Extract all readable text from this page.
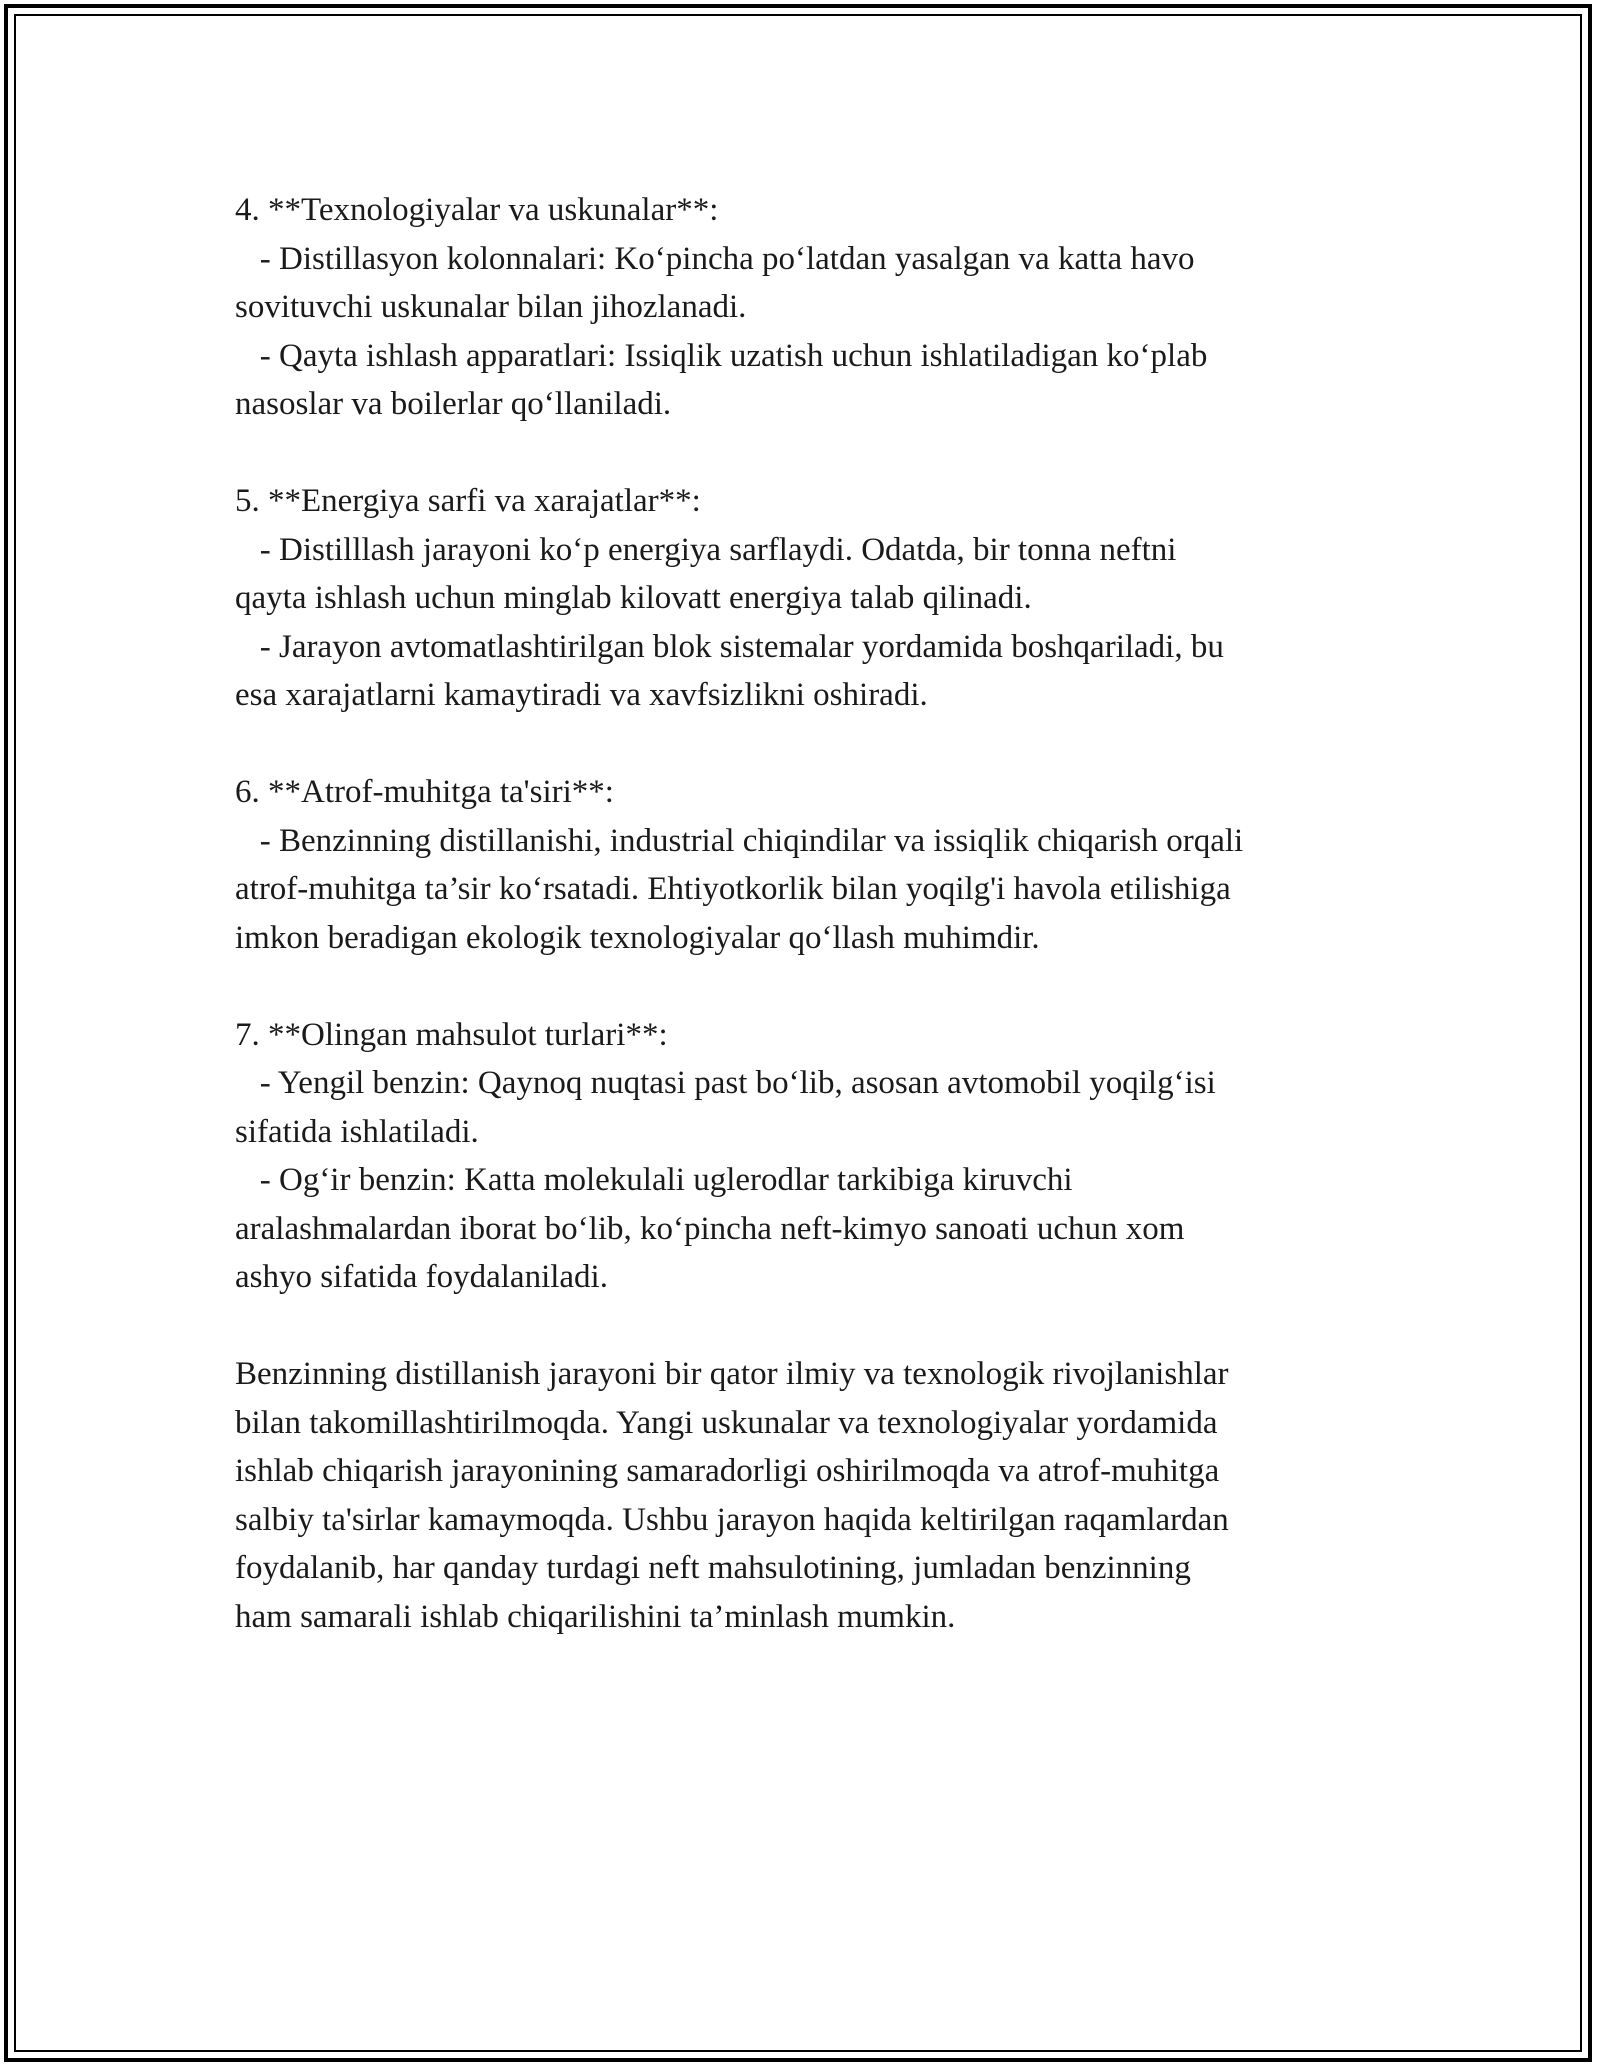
4. **Texnologiyalar va uskunalar**:
- Distillasyon kolonnalari: Ko‘pincha po‘latdan yasalgan va katta havo
sovituvchi uskunalar bilan jihozlanadi.
- Qayta ishlash apparatlari: Issiqlik uzatish uchun ishlatiladigan ko‘plab
nasoslar va boilerlar qo‘llaniladi.
5. **Energiya sarfi va xarajatlar**:
- Distilllash jarayoni ko‘p energiya sarflaydi. Odatda, bir tonna neftni
qayta ishlash uchun minglab kilovatt energiya talab qilinadi.
- Jarayon avtomatlashtirilgan blok sistemalar yordamida boshqariladi, bu
esa xarajatlarni kamaytiradi va xavfsizlikni oshiradi.
6. **Atrof-muhitga ta'siri**:
- Benzinning distillanishi, industrial chiqindilar va issiqlik chiqarish orqali
atrof-muhitga ta’sir ko‘rsatadi. Ehtiyotkorlik bilan yoqilg'i havola etilishiga
imkon beradigan ekologik texnologiyalar qo‘llash muhimdir.
7. **Olingan mahsulot turlari**:
- Yengil benzin: Qaynoq nuqtasi past bo‘lib, asosan avtomobil yoqilg‘isi
sifatida ishlatiladi.
- Og‘ir benzin: Katta molekulali uglerodlar tarkibiga kiruvchi
aralashmalardan iborat bo‘lib, ko‘pincha neft-kimyo sanoati uchun xom
ashyo sifatida foydalaniladi.
Benzinning distillanish jarayoni bir qator ilmiy va texnologik rivojlanishlar
bilan takomillashtirilmoqda. Yangi uskunalar va texnologiyalar yordamida
ishlab chiqarish jarayonining samaradorligi oshirilmoqda va atrof-muhitga
salbiy ta'sirlar kamaymoqda. Ushbu jarayon haqida keltirilgan raqamlardan
foydalanib, har qanday turdagi neft mahsulotining, jumladan benzinning
ham samarali ishlab chiqarilishini ta’minlash mumkin.
